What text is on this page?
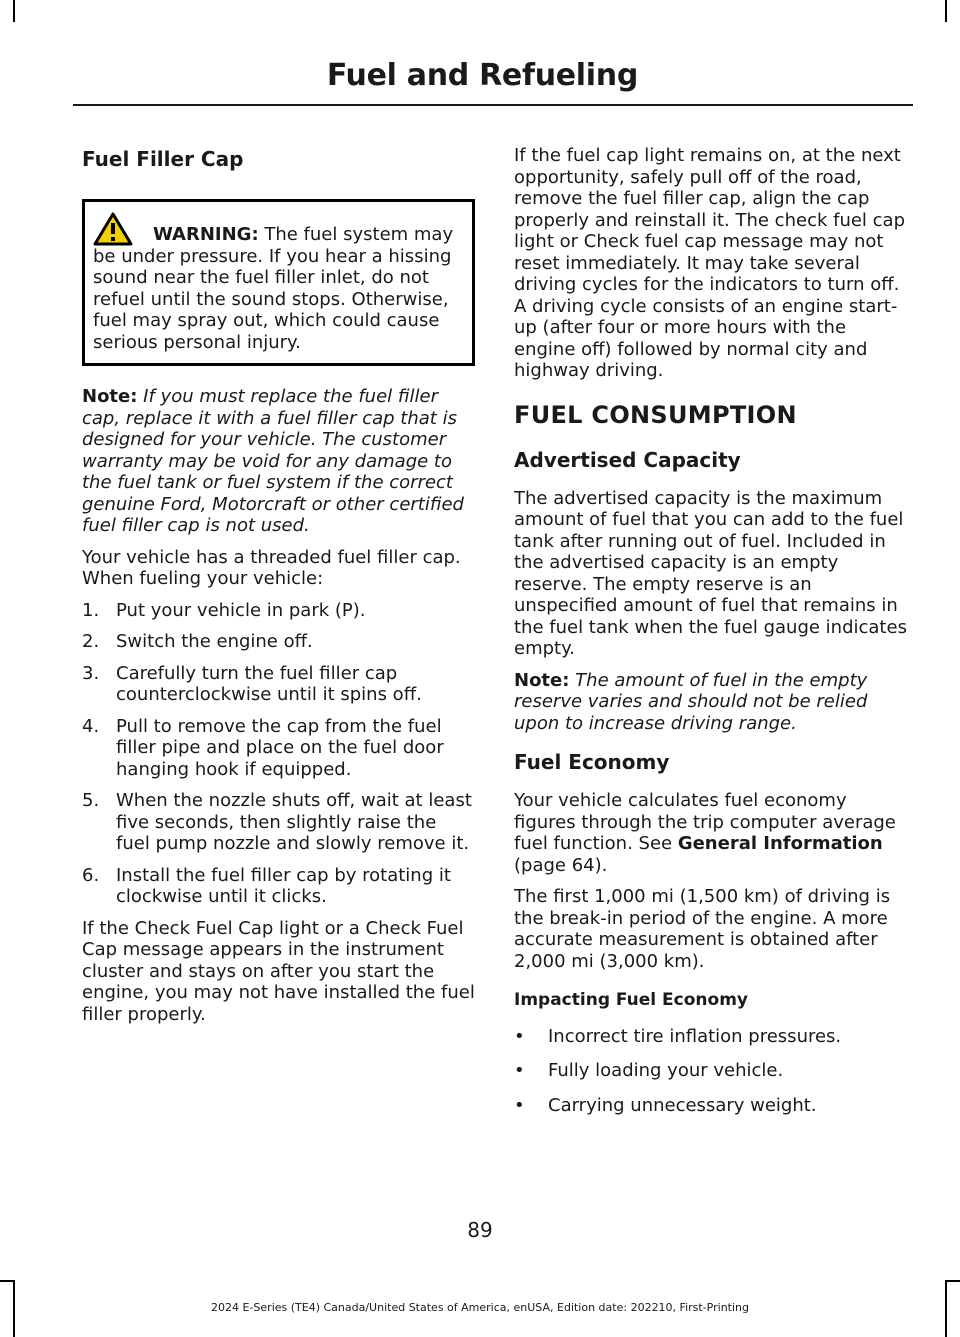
Fuel and Refueling
Fuel Filler Cap
WARNING: The fuel system may be under pressure. If you hear a hissing sound near the fuel filler inlet, do not refuel until the sound stops. Otherwise, fuel may spray out, which could cause serious personal injury.

Note: If you must replace the fuel filler cap, replace it with a fuel filler cap that is designed for your vehicle. The customer warranty may be void for any damage to the fuel tank or fuel system if the correct genuine Ford, Motorcraft or other certified fuel filler cap is not used.

Your vehicle has a threaded fuel filler cap. When fueling your vehicle:

1. Put your vehicle in park (P).
2. Switch the engine off.
3. Carefully turn the fuel filler cap counterclockwise until it spins off.
4. Pull to remove the cap from the fuel filler pipe and place on the fuel door hanging hook if equipped.
5. When the nozzle shuts off, wait at least five seconds, then slightly raise the fuel pump nozzle and slowly remove it.
6. Install the fuel filler cap by rotating it clockwise until it clicks.

If the Check Fuel Cap light or a Check Fuel Cap message appears in the instrument cluster and stays on after you start the engine, you may not have installed the fuel filler properly.

If the fuel cap light remains on, at the next opportunity, safely pull off of the road, remove the fuel filler cap, align the cap properly and reinstall it. The check fuel cap light or Check fuel cap message may not reset immediately. It may take several driving cycles for the indicators to turn off. A driving cycle consists of an engine start-up (after four or more hours with the engine off) followed by normal city and highway driving.

FUEL CONSUMPTION
Advertised Capacity

The advertised capacity is the maximum amount of fuel that you can add to the fuel tank after running out of fuel. Included in the advertised capacity is an empty reserve. The empty reserve is an unspecified amount of fuel that remains in the fuel tank when the fuel gauge indicates empty.

Note: The amount of fuel in the empty reserve varies and should not be relied upon to increase driving range.

Fuel Economy

Your vehicle calculates fuel economy figures through the trip computer average fuel function. See General Information (page 64).

The first 1,000 mi (1,500 km) of driving is the break-in period of the engine. A more accurate measurement is obtained after 2,000 mi (3,000 km).

Impacting Fuel Economy
•	Incorrect tire inflation pressures.
•	Fully loading your vehicle.
•	Carrying unnecessary weight.
89
2024 E-Series (TE4) Canada/United States of America, enUSA, Edition date: 202210, First-Printing
